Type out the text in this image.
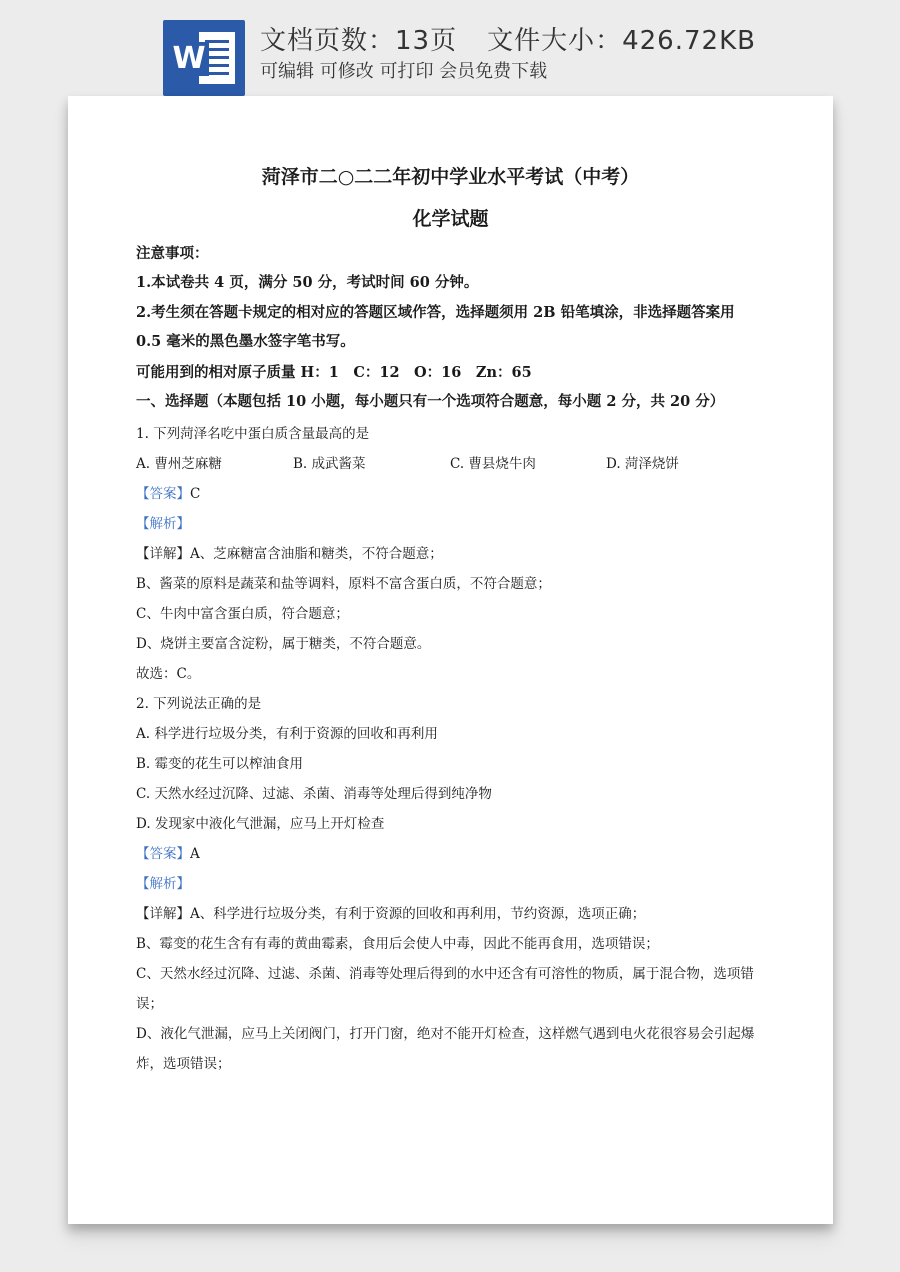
W 文档页数：13页 文件大小：426.72KB
可编辑 可修改 可打印 会员免费下载
菏泽市二○二二年初中学业水平考试（中考）
化学试题
注意事项：
1.本试卷共 4 页，满分 50 分，考试时间 60 分钟。
2.考生须在答题卡规定的相对应的答题区域作答，选择题须用 2B 铅笔填涂，非选择题答案用
0.5 毫米的黑色墨水签字笔书写。
可能用到的相对原子质量 H：1　C：12　O：16　Zn：65
一、选择题（本题包括 10 小题，每小题只有一个选项符合题意，每小题 2 分，共 20 分）
1. 下列菏泽名吃中蛋白质含量最高的是
A. 曹州芝麻糖	B. 成武酱菜	C. 曹县烧牛肉	D. 菏泽烧饼
【答案】C
【解析】
【详解】A、芝麻糖富含油脂和糖类，不符合题意；
B、酱菜的原料是蔬菜和盐等调料，原料不富含蛋白质，不符合题意；
C、牛肉中富含蛋白质，符合题意；
D、烧饼主要富含淀粉，属于糖类，不符合题意。
故选：C。
2. 下列说法正确的是
A. 科学进行垃圾分类，有利于资源的回收和再利用
B. 霉变的花生可以榨油食用
C. 天然水经过沉降、过滤、杀菌、消毒等处理后得到纯净物
D. 发现家中液化气泄漏，应马上开灯检查
【答案】A
【解析】
【详解】A、科学进行垃圾分类，有利于资源的回收和再利用，节约资源，选项正确；
B、霉变的花生含有有毒的黄曲霉素，食用后会使人中毒，因此不能再食用，选项错误；
C、天然水经过沉降、过滤、杀菌、消毒等处理后得到的水中还含有可溶性的物质，属于混合物，选项错
误；
D、液化气泄漏，应马上关闭阀门，打开门窗，绝对不能开灯检查，这样燃气遇到电火花很容易会引起爆
炸，选项错误；
